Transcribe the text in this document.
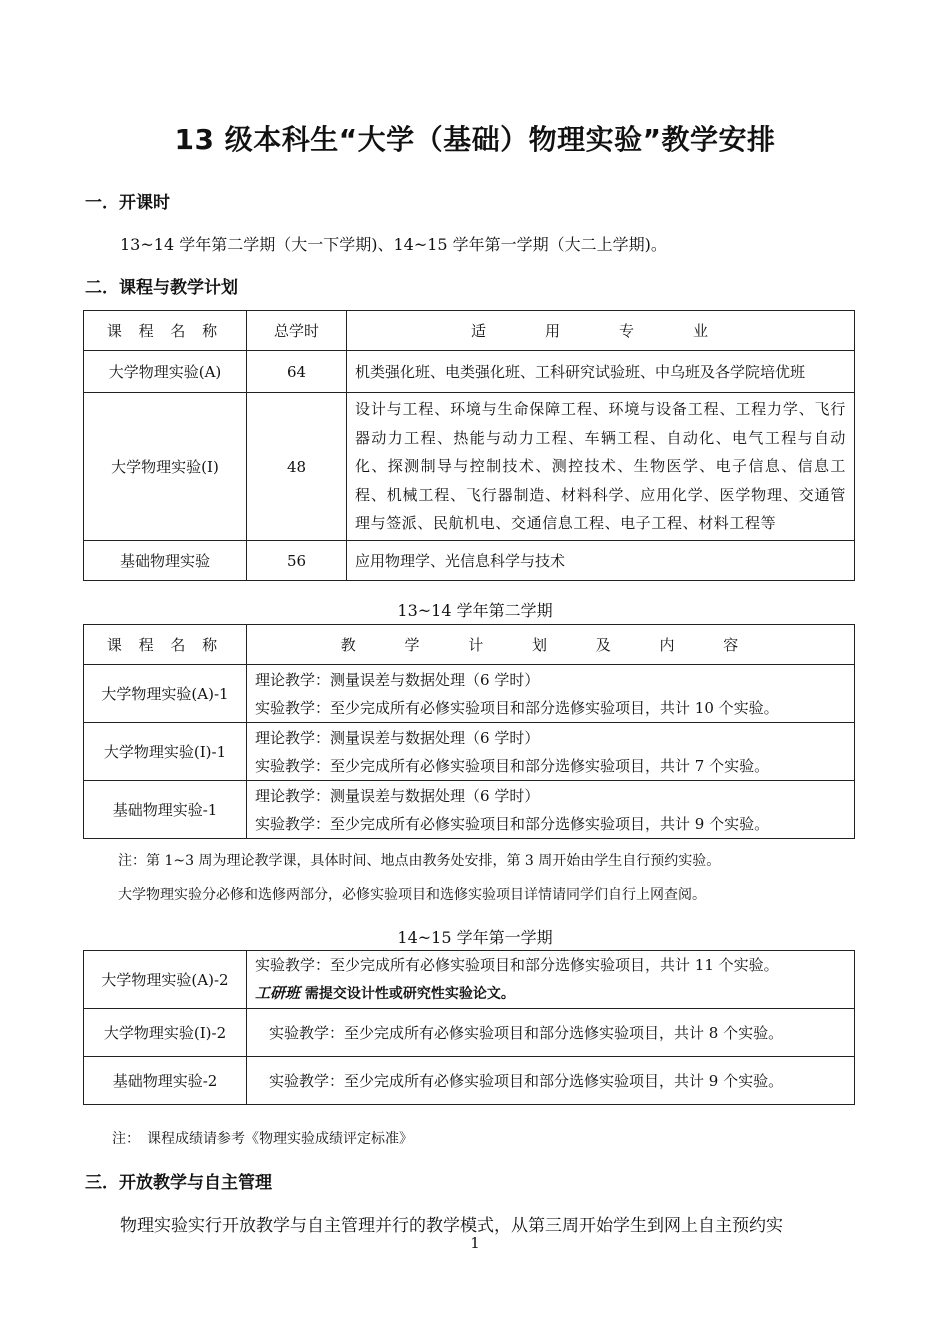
13 级本科生“大学（基础）物理实验”教学安排
一．开课时
13~14 学年第二学期（大一下学期)、14~15 学年第一学期（大二上学期)。
二．课程与教学计划
课 程 名 称	总学时	适　用　专　业
大学物理实验(A)	64	机类强化班、电类强化班、工科研究试验班、中乌班及各学院培优班
大学物理实验(I)	48	设计与工程、环境与生命保障工程、环境与设备工程、工程力学、飞行器动力工程、热能与动力工程、车辆工程、自动化、电气工程与自动化、探测制导与控制技术、测控技术、生物医学、电子信息、信息工程、机械工程、飞行器制造、材料科学、应用化学、医学物理、交通管理与签派、民航机电、交通信息工程、电子工程、材料工程等
基础物理实验	56	应用物理学、光信息科学与技术
13~14 学年第二学期
课 程 名 称	教 学 计 划 及 内 容
大学物理实验(A)-1	理论教学：测量误差与数据处理（6 学时）
实验教学：至少完成所有必修实验项目和部分选修实验项目，共计 10 个实验。

大学物理实验(I)-1	理论教学：测量误差与数据处理（6 学时）
实验教学：至少完成所有必修实验项目和部分选修实验项目，共计 7 个实验。

基础物理实验-1	理论教学：测量误差与数据处理（6 学时）
实验教学：至少完成所有必修实验项目和部分选修实验项目，共计 9 个实验。
注：第 1~3 周为理论教学课，具体时间、地点由教务处安排，第 3 周开始由学生自行预约实验。
大学物理实验分必修和选修两部分，必修实验项目和选修实验项目详情请同学们自行上网查阅。
14~15 学年第一学期
大学物理实验(A)-2	实验教学：至少完成所有必修实验项目和部分选修实验项目，共计 11 个实验。
工研班 需提交设计性或研究性实验论文。

大学物理实验(I)-2	实验教学：至少完成所有必修实验项目和部分选修实验项目，共计 8 个实验。
基础物理实验-2	实验教学：至少完成所有必修实验项目和部分选修实验项目，共计 9 个实验。
注：　课程成绩请参考《物理实验成绩评定标准》
三．开放教学与自主管理
物理实验实行开放教学与自主管理并行的教学模式，从第三周开始学生到网上自主预约实
1
